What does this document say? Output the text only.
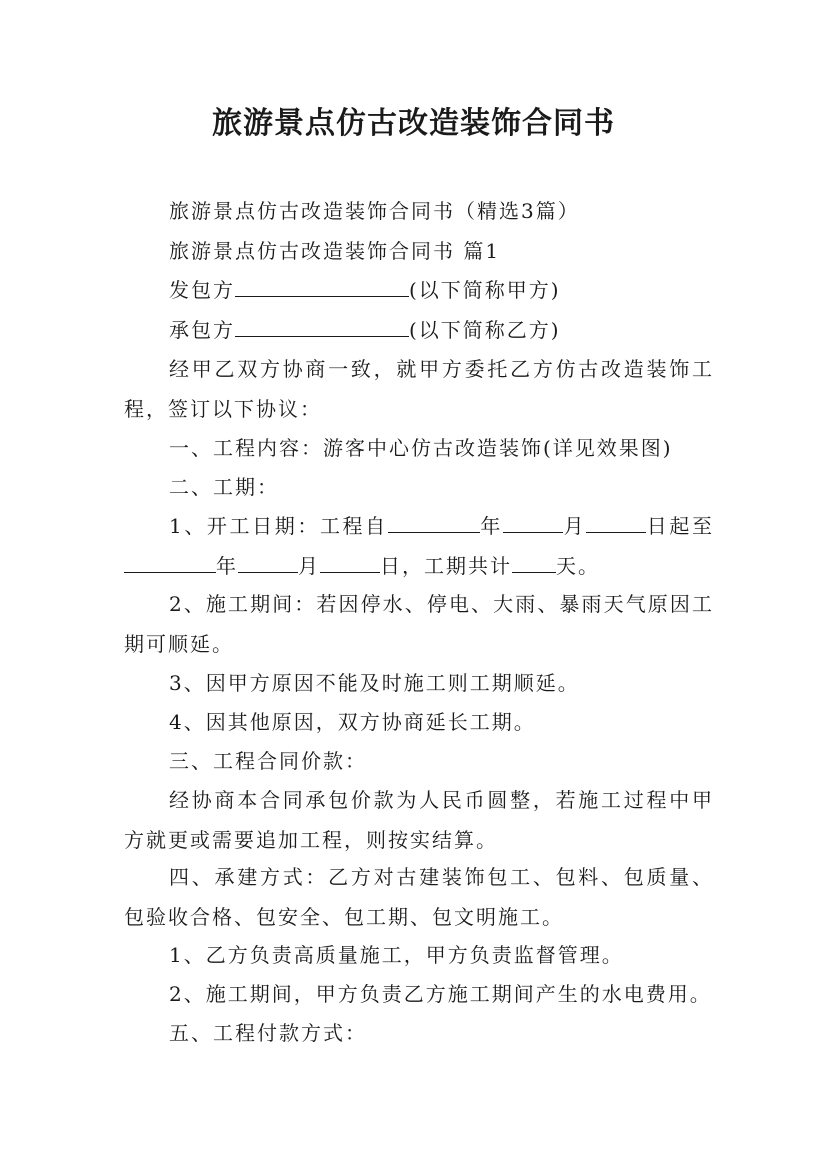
旅游景点仿古改造装饰合同书

旅游景点仿古改造装饰合同书（精选3篇）

旅游景点仿古改造装饰合同书 篇1

发包方	(以下简称甲方)

承包方	(以下简称乙方)

经甲乙双方协商一致，就甲方委托乙方仿古改造装饰工程，签订以下协议：

一、工程内容：游客中心仿古改造装饰(详见效果图)

二、工期：

1、开工日期：工程自	年	月	日起至年	月	日，工期共计 天。

2、施工期间：若因停水、停电、大雨、暴雨天气原因工期可顺延。

3、因甲方原因不能及时施工则工期顺延。

4、因其他原因，双方协商延长工期。

三、工程合同价款：

经协商本合同承包价款为人民币圆整，若施工过程中甲方就更或需要追加工程，则按实结算。

四、承建方式：乙方对古建装饰包工、包料、包质量、包验收合格、包安全、包工期、包文明施工。

1、乙方负责高质量施工，甲方负责监督管理。

2、施工期间，甲方负责乙方施工期间产生的水电费用。

五、工程付款方式：
